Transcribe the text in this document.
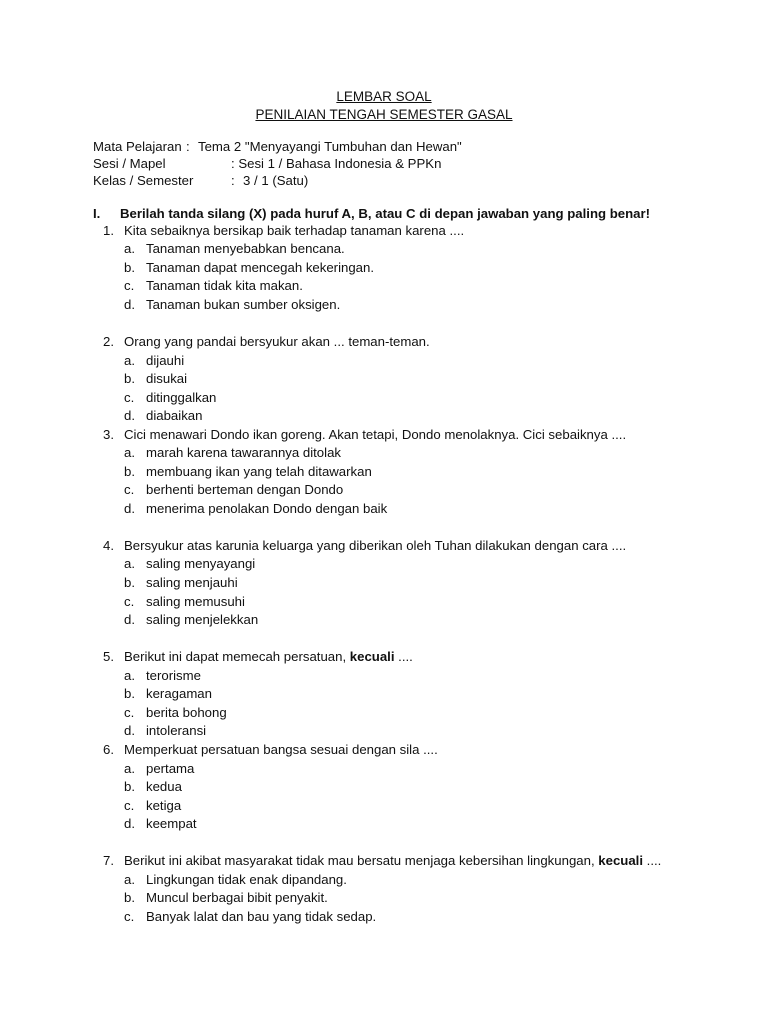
LEMBAR SOAL
PENILAIAN TENGAH SEMESTER GASAL
Mata Pelajaran : Tema 2 "Menyayangi Tumbuhan dan Hewan"
Sesi / Mapel	: Sesi 1 / Bahasa Indonesia & PPKn
Kelas / Semester	: 3 / 1 (Satu)
I. Berilah tanda silang (X) pada huruf A, B, atau C di depan jawaban yang paling benar!
1. Kita sebaiknya bersikap baik terhadap tanaman karena ....
a. Tanaman menyebabkan bencana.
b. Tanaman dapat mencegah kekeringan.
c. Tanaman tidak kita makan.
d. Tanaman bukan sumber oksigen.
2. Orang yang pandai bersyukur akan ... teman-teman.
a. dijauhi
b. disukai
c. ditinggalkan
d. diabaikan
3. Cici menawari Dondo ikan goreng. Akan tetapi, Dondo menolaknya. Cici sebaiknya ....
a. marah karena tawarannya ditolak
b. membuang ikan yang telah ditawarkan
c. berhenti berteman dengan Dondo
d. menerima penolakan Dondo dengan baik
4. Bersyukur atas karunia keluarga yang diberikan oleh Tuhan dilakukan dengan cara ....
a. saling menyayangi
b. saling menjauhi
c. saling memusuhi
d. saling menjelekkan
5. Berikut ini dapat memecah persatuan, kecuali ....
a. terorisme
b. keragaman
c. berita bohong
d. intoleransi
6. Memperkuat persatuan bangsa sesuai dengan sila ....
a. pertama
b. kedua
c. ketiga
d. keempat
7. Berikut ini akibat masyarakat tidak mau bersatu menjaga kebersihan lingkungan, kecuali ....
a. Lingkungan tidak enak dipandang.
b. Muncul berbagai bibit penyakit.
c. Banyak lalat dan bau yang tidak sedap.
